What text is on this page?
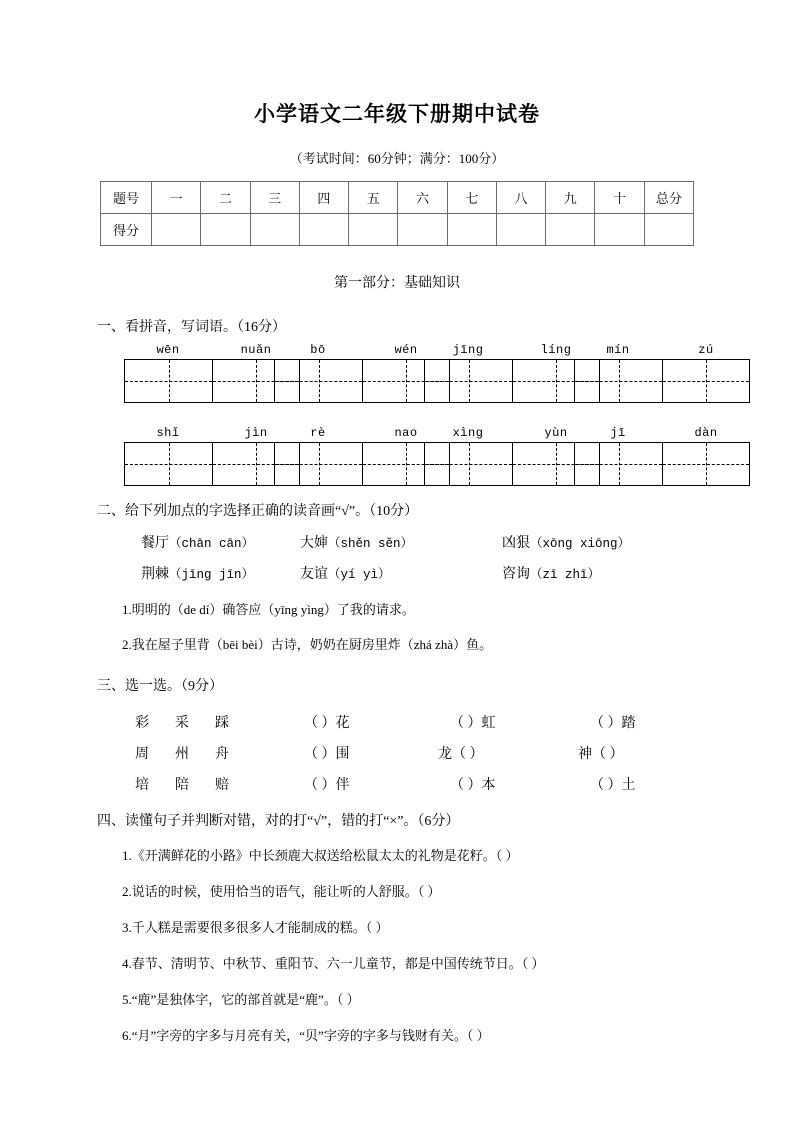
小学语文二年级下册期中试卷
（考试时间：60分钟；满分：100分）
题号	一	二	三	四	五	六	七	八	九	十	总分
得分											
第一部分：基础知识
一、看拼音，写词语。（16分）
wēn	nuǎn	bō	wén	jīng	líng	mín	zú
shǐ	jìn	rè	nao	xìng	yùn	jī	dàn
二、给下列加点的字选择正确的读音画“√”。（10分）
餐厅（chān cān）	大婶（shěn sěn）	凶狠（xōng xiōng）
荆棘（jīng jīn）	友谊（yí yì）	咨询（zī zhī）
1.明明的（de dí）确答应（yīng yìng）了我的请求。
2.我在屋子里背（bēi bèi）古诗，奶奶在厨房里炸（zhá zhà）鱼。
三、选一选。（9分）
彩 采 踩	（ ）花	（ ）虹	（ ）踏
周 州 舟	（ ）围	龙（ ）	神（ ）
培 陪 赔	（ ）伴	（ ）本	（ ）土
四、读懂句子并判断对错，对的打“√”，错的打“×”。（6分）
1.《开满鲜花的小路》中长颈鹿大叔送给松鼠太太的礼物是花籽。（ ）
2.说话的时候，使用恰当的语气，能让听的人舒服。（ ）
3.千人糕是需要很多很多人才能制成的糕。（ ）
4.春节、清明节、中秋节、重阳节、六一儿童节，都是中国传统节日。（ ）
5.“鹿”是独体字，它的部首就是“鹿”。（ ）
6.“月”字旁的字多与月亮有关，“贝”字旁的字多与钱财有关。（ ）
